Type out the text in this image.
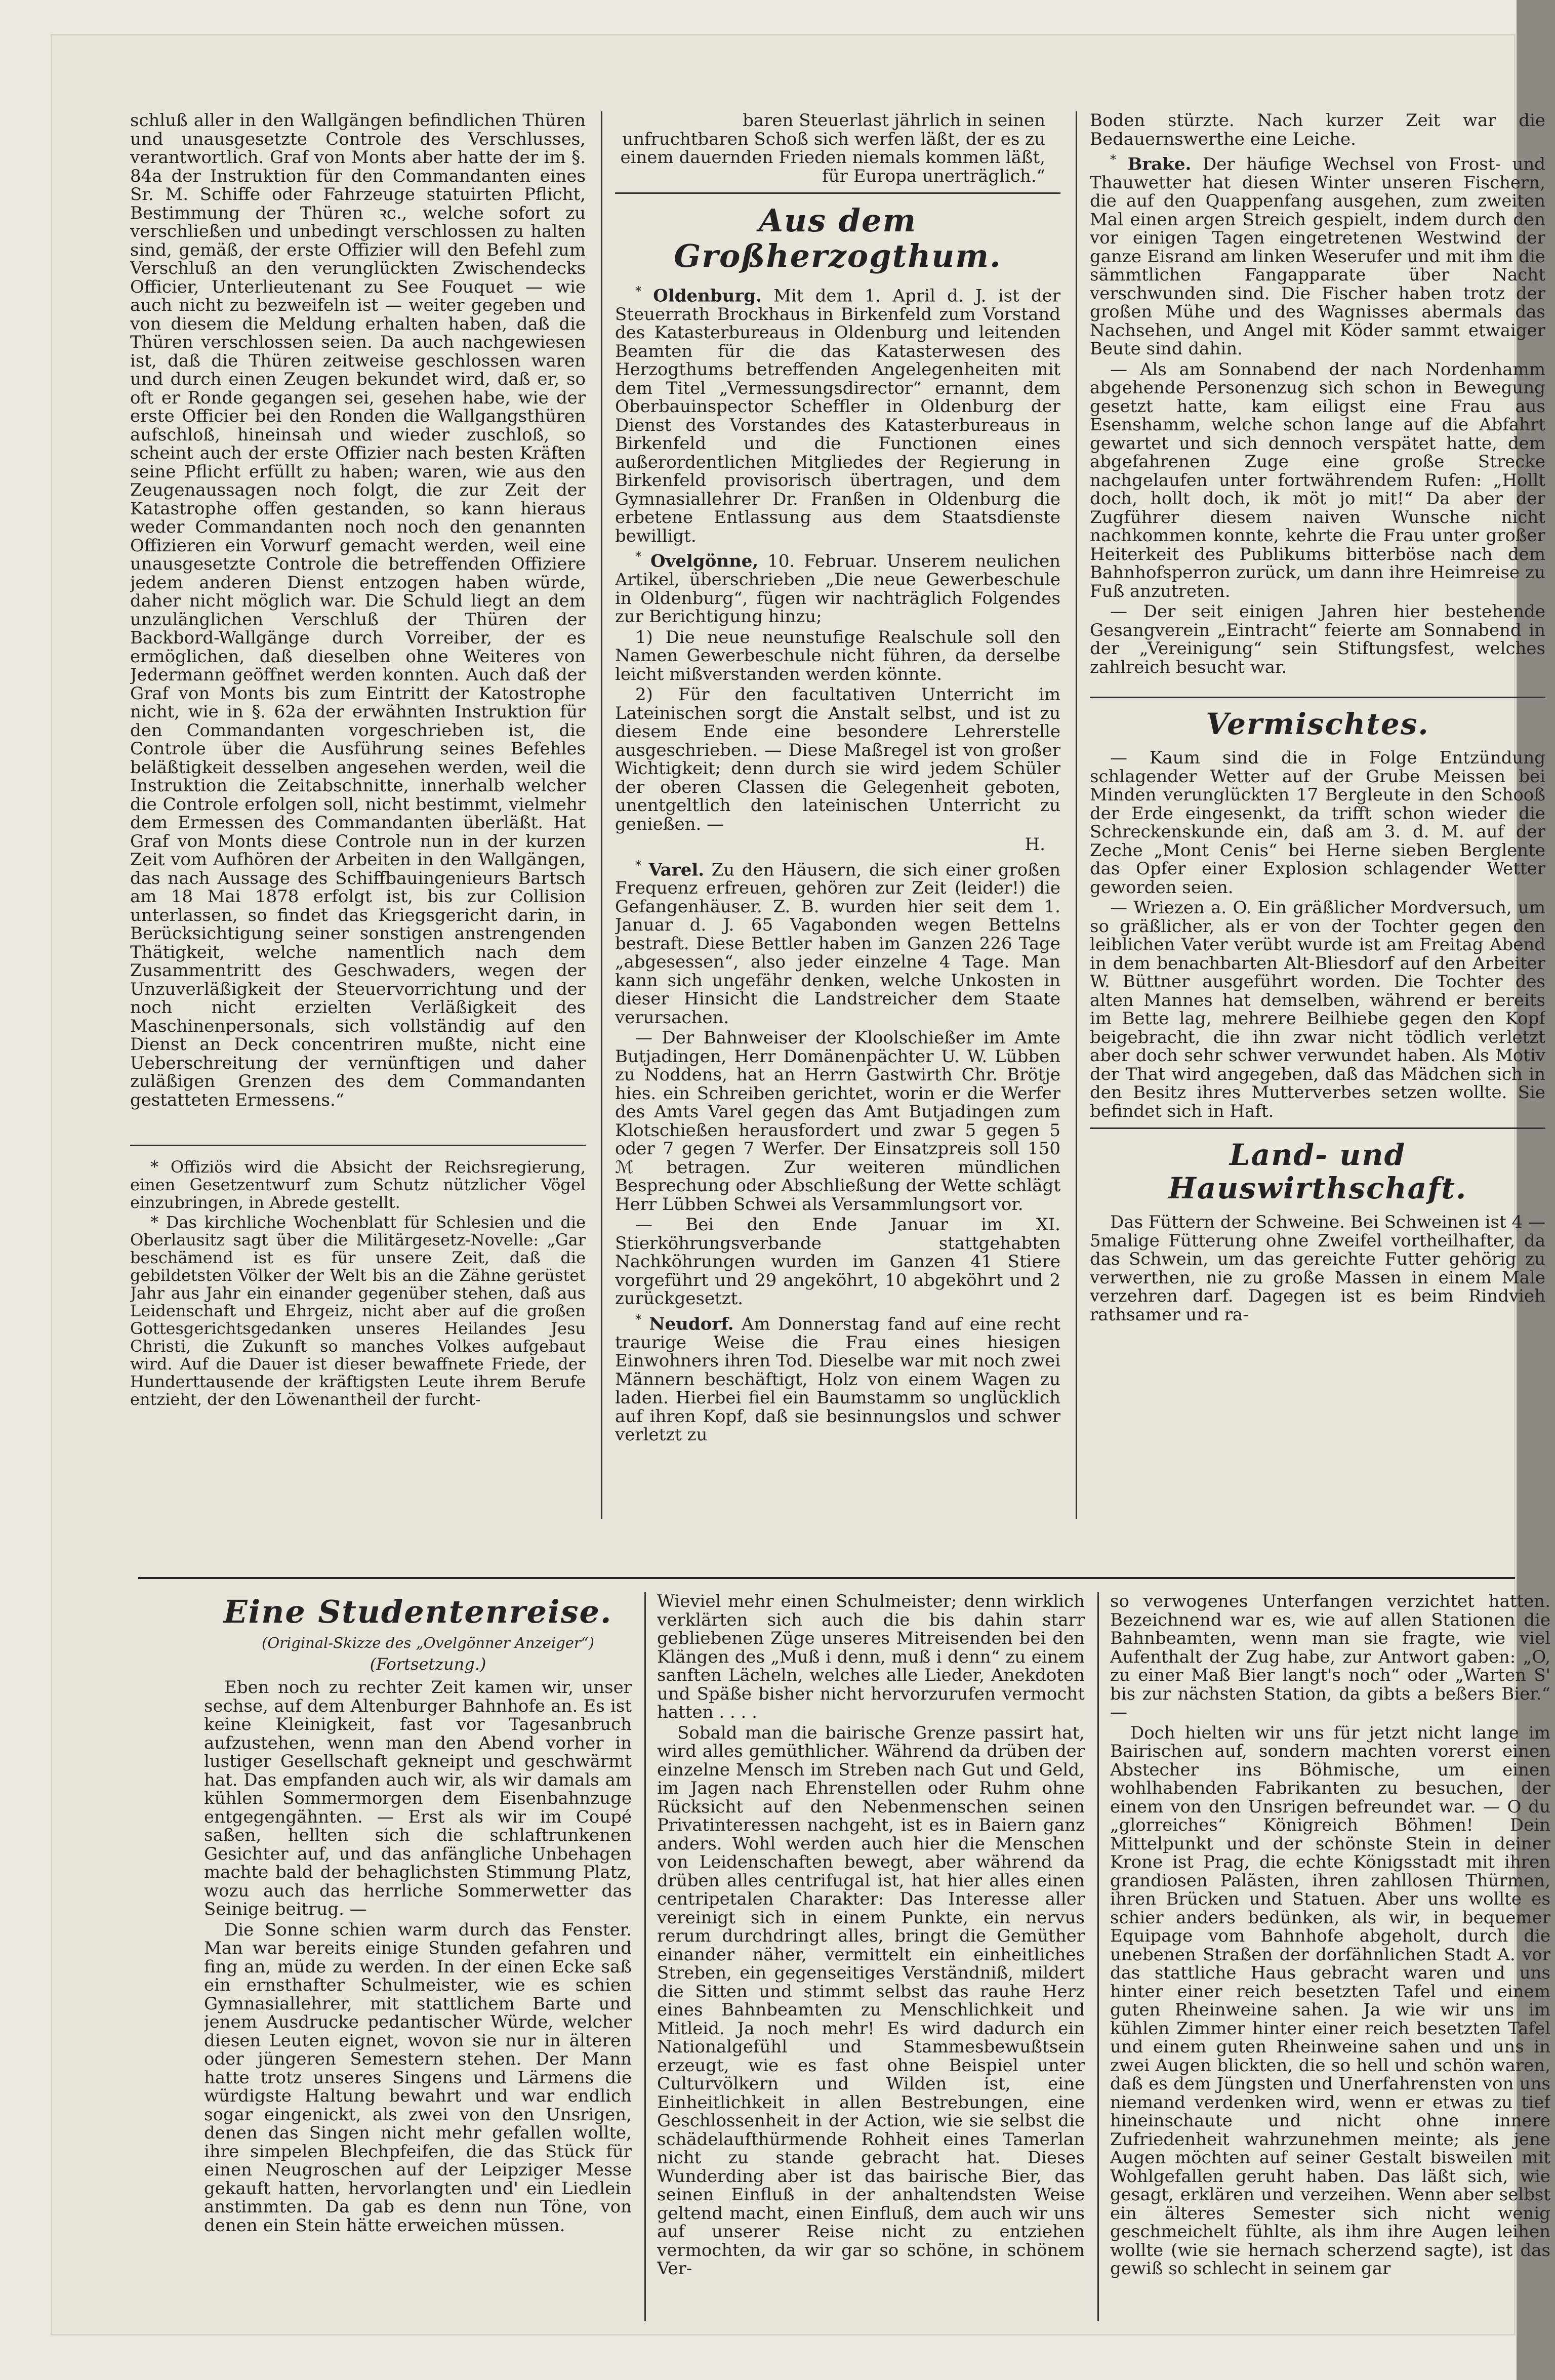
schluß aller in den Wallgängen befindlichen Thüren und unausgesetzte Controle des Verschlusses, verantwortlich. Graf von Monts aber hatte der im §. 84a der Instruktion für den Commandanten eines Sr. M. Schiffe oder Fahrzeuge statuirten Pflicht, Bestimmung der Thüren ꝛc., welche sofort zu verschließen und unbedingt verschlossen zu halten sind, gemäß, der erste Offizier will den Befehl zum Verschluß an den verunglückten Zwischendecks Officier, Unterlieutenant zu See Fouquet — wie auch nicht zu bezweifeln ist — weiter gegeben und von diesem die Meldung erhalten haben, daß die Thüren verschlossen seien. Da auch nachgewiesen ist, daß die Thüren zeitweise geschlossen waren und durch einen Zeugen bekundet wird, daß er, so oft er Ronde gegangen sei, gesehen habe, wie der erste Officier bei den Ronden die Wallgangsthüren aufschloß, hineinsah und wieder zuschloß, so scheint auch der erste Offizier nach besten Kräften seine Pflicht erfüllt zu haben; waren, wie aus den Zeugenaussagen noch folgt, die zur Zeit der Katastrophe offen gestanden, so kann hieraus weder Commandanten noch noch den genannten Offizieren ein Vorwurf gemacht werden, weil eine unausgesetzte Controle die betreffenden Offiziere jedem anderen Dienst entzogen haben würde, daher nicht möglich war. Die Schuld liegt an dem unzulänglichen Verschluß der Thüren der Backbord-Wallgänge durch Vorreiber, der es ermöglichen, daß dieselben ohne Weiteres von Jedermann geöffnet werden konnten. Auch daß der Graf von Monts bis zum Eintritt der Katostrophe nicht, wie in §. 62a der erwähnten Instruktion für den Commandanten vorgeschrieben ist, die Controle über die Ausführung seines Befehles beläßtigkeit desselben angesehen werden, weil die Instruktion die Zeitabschnitte, innerhalb welcher die Controle erfolgen soll, nicht bestimmt, vielmehr dem Ermessen des Commandanten überläßt. Hat Graf von Monts diese Controle nun in der kurzen Zeit vom Aufhören der Arbeiten in den Wallgängen, das nach Aussage des Schiffbauingenieurs Bartsch am 18 Mai 1878 erfolgt ist, bis zur Collision unterlassen, so findet das Kriegsgericht darin, in Berücksichtigung seiner sonstigen anstrengenden Thätigkeit, welche namentlich nach dem Zusammentritt des Geschwaders, wegen der Unzuverläßigkeit der Steuervorrichtung und der noch nicht erzielten Verläßigkeit des Maschinenpersonals, sich vollständig auf den Dienst an Deck concentriren mußte, nicht eine Ueberschreitung der vernünftigen und daher zuläßigen Grenzen des dem Commandanten gestatteten Ermessens.“

* Offiziös wird die Absicht der Reichsregierung, einen Gesetzentwurf zum Schutz nützlicher Vögel einzubringen, in Abrede gestellt.

* Das kirchliche Wochenblatt für Schlesien und die Oberlausitz sagt über die Militärgesetz-Novelle: „Gar beschämend ist es für unsere Zeit, daß die gebildetsten Völker der Welt bis an die Zähne gerüstet Jahr aus Jahr ein einander gegenüber stehen, daß aus Leidenschaft und Ehrgeiz, nicht aber auf die großen Gottesgerichtsgedanken unseres Heilandes Jesu Christi, die Zukunft so manches Volkes aufgebaut wird. Auf die Dauer ist dieser bewaffnete Friede, der Hunderttausende der kräftigsten Leute ihrem Berufe entzieht, der den Löwenantheil der furcht-

baren Steuerlast jährlich in seinen unfruchtbaren Schoß sich werfen läßt, der es zu einem dauernden Frieden niemals kommen läßt, für Europa unerträglich.“

Aus dem Großherzogthum.

* Oldenburg. Mit dem 1. April d. J. ist der Steuerrath Brockhaus in Birkenfeld zum Vorstand des Katasterbureaus in Oldenburg und leitenden Beamten für die das Katasterwesen des Herzogthums betreffenden Angelegenheiten mit dem Titel „Vermessungsdirector“ ernannt, dem Oberbauinspector Scheffler in Oldenburg der Dienst des Vorstandes des Katasterbureaus in Birkenfeld und die Functionen eines außerordentlichen Mitgliedes der Regierung in Birkenfeld provisorisch übertragen, und dem Gymnasiallehrer Dr. Franßen in Oldenburg die erbetene Entlassung aus dem Staatsdienste bewilligt.

* Ovelgönne, 10. Februar. Unserem neulichen Artikel, überschrieben „Die neue Gewerbeschule in Oldenburg“, fügen wir nachträglich Folgendes zur Berichtigung hinzu;

1) Die neue neunstufige Realschule soll den Namen Gewerbeschule nicht führen, da derselbe leicht mißverstanden werden könnte.

2) Für den facultativen Unterricht im Lateinischen sorgt die Anstalt selbst, und ist zu diesem Ende eine besondere Lehrerstelle ausgeschrieben. — Diese Maßregel ist von großer Wichtigkeit; denn durch sie wird jedem Schüler der oberen Classen die Gelegenheit geboten, unentgeltlich den lateinischen Unterricht zu genießen. —

H.

* Varel. Zu den Häusern, die sich einer großen Frequenz erfreuen, gehören zur Zeit (leider!) die Gefangenhäuser. Z. B. wurden hier seit dem 1. Januar d. J. 65 Vagabonden wegen Bettelns bestraft. Diese Bettler haben im Ganzen 226 Tage „abgesessen“, also jeder einzelne 4 Tage. Man kann sich ungefähr denken, welche Unkosten in dieser Hinsicht die Landstreicher dem Staate verursachen.

— Der Bahnweiser der Kloolschießer im Amte Butjadingen, Herr Domänenpächter U. W. Lübben zu Noddens, hat an Herrn Gastwirth Chr. Brötje hies. ein Schreiben gerichtet, worin er die Werfer des Amts Varel gegen das Amt Butjadingen zum Klotschießen herausfordert und zwar 5 gegen 5 oder 7 gegen 7 Werfer. Der Einsatzpreis soll 150 ℳ betragen. Zur weiteren mündlichen Besprechung oder Abschließung der Wette schlägt Herr Lübben Schwei als Versammlungsort vor.

— Bei den Ende Januar im XI. Stierköhrungsverbande stattgehabten Nachköhrungen wurden im Ganzen 41 Stiere vorgeführt und 29 angeköhrt, 10 abgeköhrt und 2 zurückgesetzt.

* Neudorf. Am Donnerstag fand auf eine recht traurige Weise die Frau eines hiesigen Einwohners ihren Tod. Dieselbe war mit noch zwei Männern beschäftigt, Holz von einem Wagen zu laden. Hierbei fiel ein Baumstamm so unglücklich auf ihren Kopf, daß sie besinnungslos und schwer verletzt zu

Boden stürzte. Nach kurzer Zeit war die Bedauernswerthe eine Leiche.

* Brake. Der häufige Wechsel von Frost- und Thauwetter hat diesen Winter unseren Fischern, die auf den Quappenfang ausgehen, zum zweiten Mal einen argen Streich gespielt, indem durch den vor einigen Tagen eingetretenen Westwind der ganze Eisrand am linken Weserufer und mit ihm die sämmtlichen Fangapparate über Nacht verschwunden sind. Die Fischer haben trotz der großen Mühe und des Wagnisses abermals das Nachsehen, und Angel mit Köder sammt etwaiger Beute sind dahin.

— Als am Sonnabend der nach Nordenhamm abgehende Personenzug sich schon in Bewegung gesetzt hatte, kam eiligst eine Frau aus Esenshamm, welche schon lange auf die Abfahrt gewartet und sich dennoch verspätet hatte, dem abgefahrenen Zuge eine große Strecke nachgelaufen unter fortwährendem Rufen: „Hollt doch, hollt doch, ik möt jo mit!“ Da aber der Zugführer diesem naiven Wunsche nicht nachkommen konnte, kehrte die Frau unter großer Heiterkeit des Publikums bitterböse nach dem Bahnhofsperron zurück, um dann ihre Heimreise zu Fuß anzutreten.

— Der seit einigen Jahren hier bestehende Gesangverein „Eintracht“ feierte am Sonnabend in der „Vereinigung“ sein Stiftungsfest, welches zahlreich besucht war.

Vermischtes.

— Kaum sind die in Folge Entzündung schlagender Wetter auf der Grube Meissen bei Minden verunglückten 17 Bergleute in den Schooß der Erde eingesenkt, da trifft schon wieder die Schreckenskunde ein, daß am 3. d. M. auf der Zeche „Mont Cenis“ bei Herne sieben Berglente das Opfer einer Explosion schlagender Wetter geworden seien.

— Wriezen a. O. Ein gräßlicher Mordversuch, um so gräßlicher, als er von der Tochter gegen den leiblichen Vater verübt wurde ist am Freitag Abend in dem benachbarten Alt-Bliesdorf auf den Arbeiter W. Büttner ausgeführt worden. Die Tochter des alten Mannes hat demselben, während er bereits im Bette lag, mehrere Beilhiebe gegen den Kopf beigebracht, die ihn zwar nicht tödlich verletzt aber doch sehr schwer verwundet haben. Als Motiv der That wird angegeben, daß das Mädchen sich in den Besitz ihres Mutterverbes setzen wollte. Sie befindet sich in Haft.

Land- und Hauswirthschaft.

Das Füttern der Schweine. Bei Schweinen ist 4 — 5malige Fütterung ohne Zweifel vortheilhafter, da das Schwein, um das gereichte Futter gehörig zu verwerthen, nie zu große Massen in einem Male verzehren darf. Dagegen ist es beim Rindvieh rathsamer und ra-

Eine Studentenreise.

(Original-Skizze des „Ovelgönner Anzeiger“)

(Fortsetzung.)

Eben noch zu rechter Zeit kamen wir, unser sechse, auf dem Altenburger Bahnhofe an. Es ist keine Kleinigkeit, fast vor Tagesanbruch aufzustehen, wenn man den Abend vorher in lustiger Gesellschaft gekneipt und geschwärmt hat. Das empfanden auch wir, als wir damals am kühlen Sommermorgen dem Eisenbahnzuge entgegengähnten. — Erst als wir im Coupé saßen, hellten sich die schlaftrunkenen Gesichter auf, und das anfängliche Unbehagen machte bald der behaglichsten Stimmung Platz, wozu auch das herrliche Sommerwetter das Seinige beitrug. —

Die Sonne schien warm durch das Fenster. Man war bereits einige Stunden gefahren und fing an, müde zu werden. In der einen Ecke saß ein ernsthafter Schulmeister, wie es schien Gymnasiallehrer, mit stattlichem Barte und jenem Ausdrucke pedantischer Würde, welcher diesen Leuten eignet, wovon sie nur in älteren oder jüngeren Semestern stehen. Der Mann hatte trotz unseres Singens und Lärmens die würdigste Haltung bewahrt und war endlich sogar eingenickt, als zwei von den Unsrigen, denen das Singen nicht mehr gefallen wollte, ihre simpelen Blechpfeifen, die das Stück für einen Neugroschen auf der Leipziger Messe gekauft hatten, hervorlangten und' ein Liedlein anstimmten. Da gab es denn nun Töne, von denen ein Stein hätte erweichen müssen.

Wieviel mehr einen Schulmeister; denn wirklich verklärten sich auch die bis dahin starr gebliebenen Züge unseres Mitreisenden bei den Klängen des „Muß i denn, muß i denn“ zu einem sanften Lächeln, welches alle Lieder, Anekdoten und Späße bisher nicht hervorzurufen vermocht hatten . . . .

Sobald man die bairische Grenze passirt hat, wird alles gemüthlicher. Während da drüben der einzelne Mensch im Streben nach Gut und Geld, im Jagen nach Ehrenstellen oder Ruhm ohne Rücksicht auf den Nebenmenschen seinen Privatinteressen nachgeht, ist es in Baiern ganz anders. Wohl werden auch hier die Menschen von Leidenschaften bewegt, aber während da drüben alles centrifugal ist, hat hier alles einen centripetalen Charakter: Das Interesse aller vereinigt sich in einem Punkte, ein nervus rerum durchdringt alles, bringt die Gemüther einander näher, vermittelt ein einheitliches Streben, ein gegenseitiges Verständniß, mildert die Sitten und stimmt selbst das rauhe Herz eines Bahnbeamten zu Menschlichkeit und Mitleid. Ja noch mehr! Es wird dadurch ein Nationalgefühl und Stammesbewußtsein erzeugt, wie es fast ohne Beispiel unter Culturvölkern und Wilden ist, eine Einheitlichkeit in allen Bestrebungen, eine Geschlossenheit in der Action, wie sie selbst die schädelaufthürmende Rohheit eines Tamerlan nicht zu stande gebracht hat. Dieses Wunderding aber ist das bairische Bier, das seinen Einfluß in der anhaltendsten Weise geltend macht, einen Einfluß, dem auch wir uns auf unserer Reise nicht zu entziehen vermochten, da wir gar so schöne, in schönem Ver-

so verwogenes Unterfangen verzichtet hatten. Bezeichnend war es, wie auf allen Stationen die Bahnbeamten, wenn man sie fragte, wie viel Aufenthalt der Zug habe, zur Antwort gaben: „O, zu einer Maß Bier langt's noch“ oder „Warten S' bis zur nächsten Station, da gibts a beßers Bier.“ —

Doch hielten wir uns für jetzt nicht lange im Bairischen auf, sondern machten vorerst einen Abstecher ins Böhmische, um einen wohlhabenden Fabrikanten zu besuchen, der einem von den Unsrigen befreundet war. — O du „glorreiches“ Königreich Böhmen! Dein Mittelpunkt und der schönste Stein in deiner Krone ist Prag, die echte Königsstadt mit ihren grandiosen Palästen, ihren zahllosen Thürmen, ihren Brücken und Statuen. Aber uns wollte es schier anders bedünken, als wir, in bequemer Equipage vom Bahnhofe abgeholt, durch die unebenen Straßen der dorfähnlichen Stadt A. vor das stattliche Haus gebracht waren und uns hinter einer reich besetzten Tafel und einem guten Rheinweine sahen. Ja wie wir uns im kühlen Zimmer hinter einer reich besetzten Tafel und einem guten Rheinweine sahen und uns in zwei Augen blickten, die so hell und schön waren, daß es dem Jüngsten und Unerfahrensten von uns niemand verdenken wird, wenn er etwas zu tief hineinschaute und nicht ohne innere Zufriedenheit wahrzunehmen meinte; als jene Augen möchten auf seiner Gestalt bisweilen mit Wohlgefallen geruht haben. Das läßt sich, wie gesagt, erklären und verzeihen. Wenn aber selbst ein älteres Semester sich nicht wenig geschmeichelt fühlte, als ihm ihre Augen leihen wollte (wie sie hernach scherzend sagte), ist das gewiß so schlecht in seinem gar
